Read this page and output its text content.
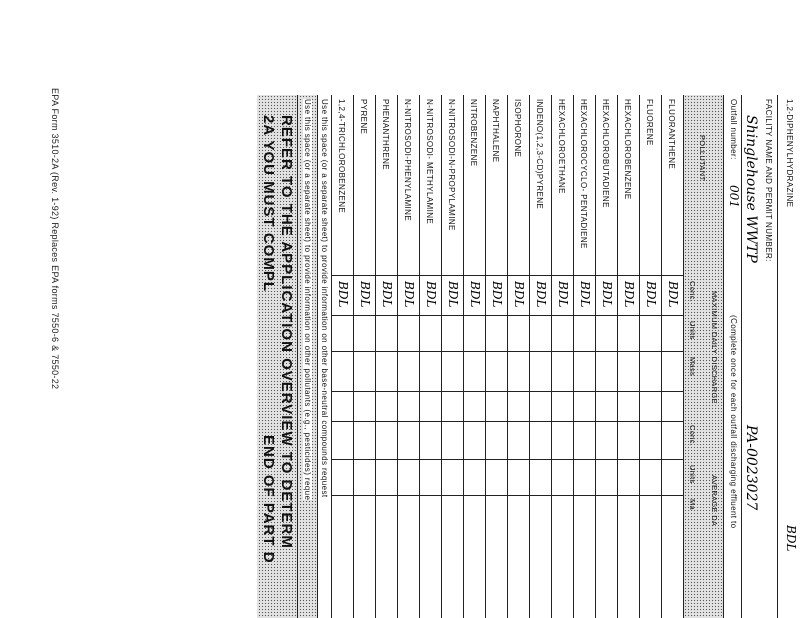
EPA Form 3510-2A (Rev. 1-92) Replaces EPA forms 7550-6 & 7550-22	1,2-DIPHENYLHYDRAZINE
BDL
FACILITY NAME AND PERMIT NUMBER:
Shinglehouse WWTP
PA-0023027
Outfall number:
001
(Complete once for each outfall discharging effluent to
POLLUTANT
MAXIMUM DAILY DISCHARGE
AVERAGE DA
Conc.
Units
Mass
Conc.
Units
Ma
FLUORANTHENE
BDL
FLUORENE
BDL
HEXACHLOROBENZENE
BDL
HEXACHLOROBUTADIENE
BDL
HEXACHLOROCYCLO- PENTADIENE
BDL
HEXACHLOROETHANE
BDL
INDENO(1,2,3-CD)PYRENE
BDL
ISOPHORONE
BDL
NAPHTHALENE
BDL
NITROBENZENE
BDL
N-NITROSODI-N-PROPYLAMINE
BDL
N-NITROSODI- METHYLAMINE
BDL
N-NITROSODI-PHENYLAMINE
BDL
PHENANTHRENE
BDL
PYRENE
BDL
1,2,4-TRICHLOROBENZENE
BDL
Use this space (or a separate sheet) to provide information on other base-neutral compounds request
Use this space (or a separate sheet) to provide information on other pollutants (e.g., pesticides) reque
REFER TO THE APPLICATION OVERVIEW TO DETERM
2A YOU MUST COMPL
END OF PART D
